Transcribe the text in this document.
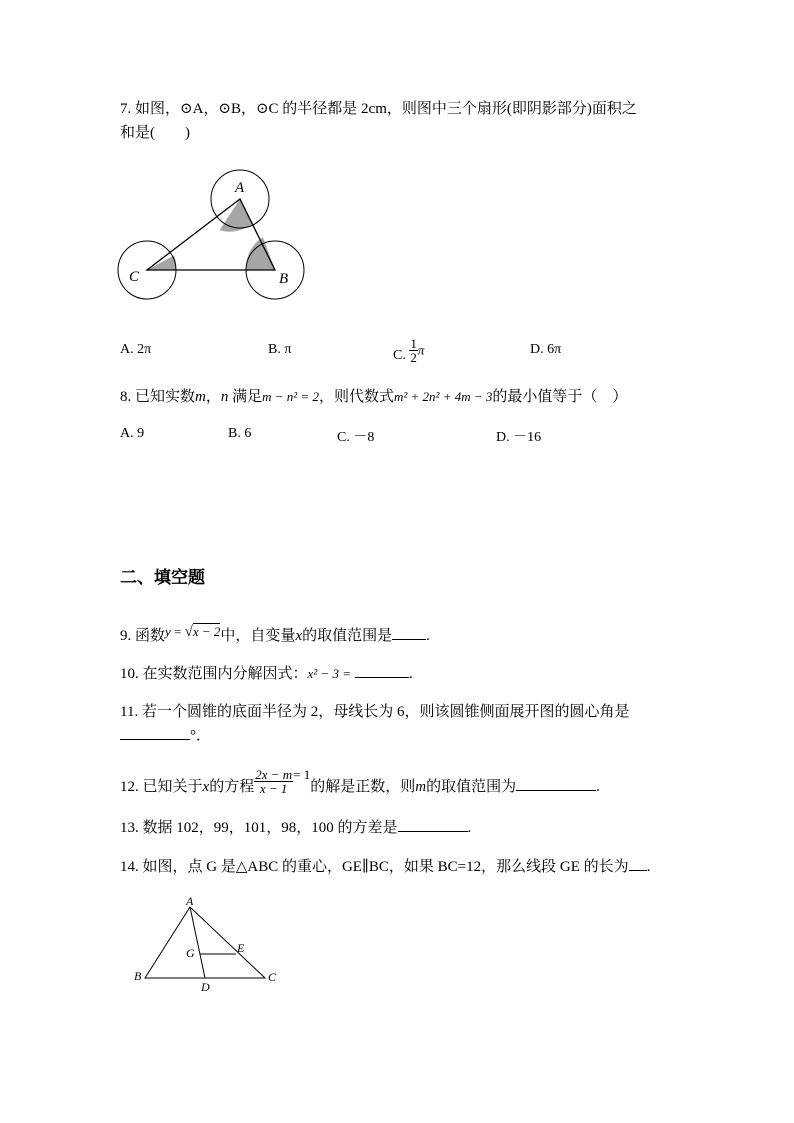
7. 如图，⊙A，⊙B，⊙C 的半径都是 2cm，则图中三个扇形(即阴影部分)面积之
和是(　　)
A
B
C
A. 2π	B. π	C. $\frac{1}{2}$ π	D. 6π
8. 已知实数m，n 满足m − n² = 2，则代数式m² + 2n² + 4m − 3的最小值等于（　）
A. 9	B. 6	C. －8	D. －16
二、填空题
9. 函数y = √x − 2中，自变量x的取值范围是 .
10. 在实数范围内分解因式：x² − 3 =	.
11. 若一个圆锥的底面半径为 2，母线长为 6，则该圆锥侧面展开图的圆心角是
°．
12. 已知关于x的方程 $\frac{2x - m}{x - 1} = 1$的解是正数，则m的取值范围为	.
13. 数据 102，99，101，98，100 的方差是	.
14. 如图，点 G 是△ABC 的重心，GE∥BC，如果 BC=12，那么线段 GE 的长为 .
A
B	C
D
E
G
